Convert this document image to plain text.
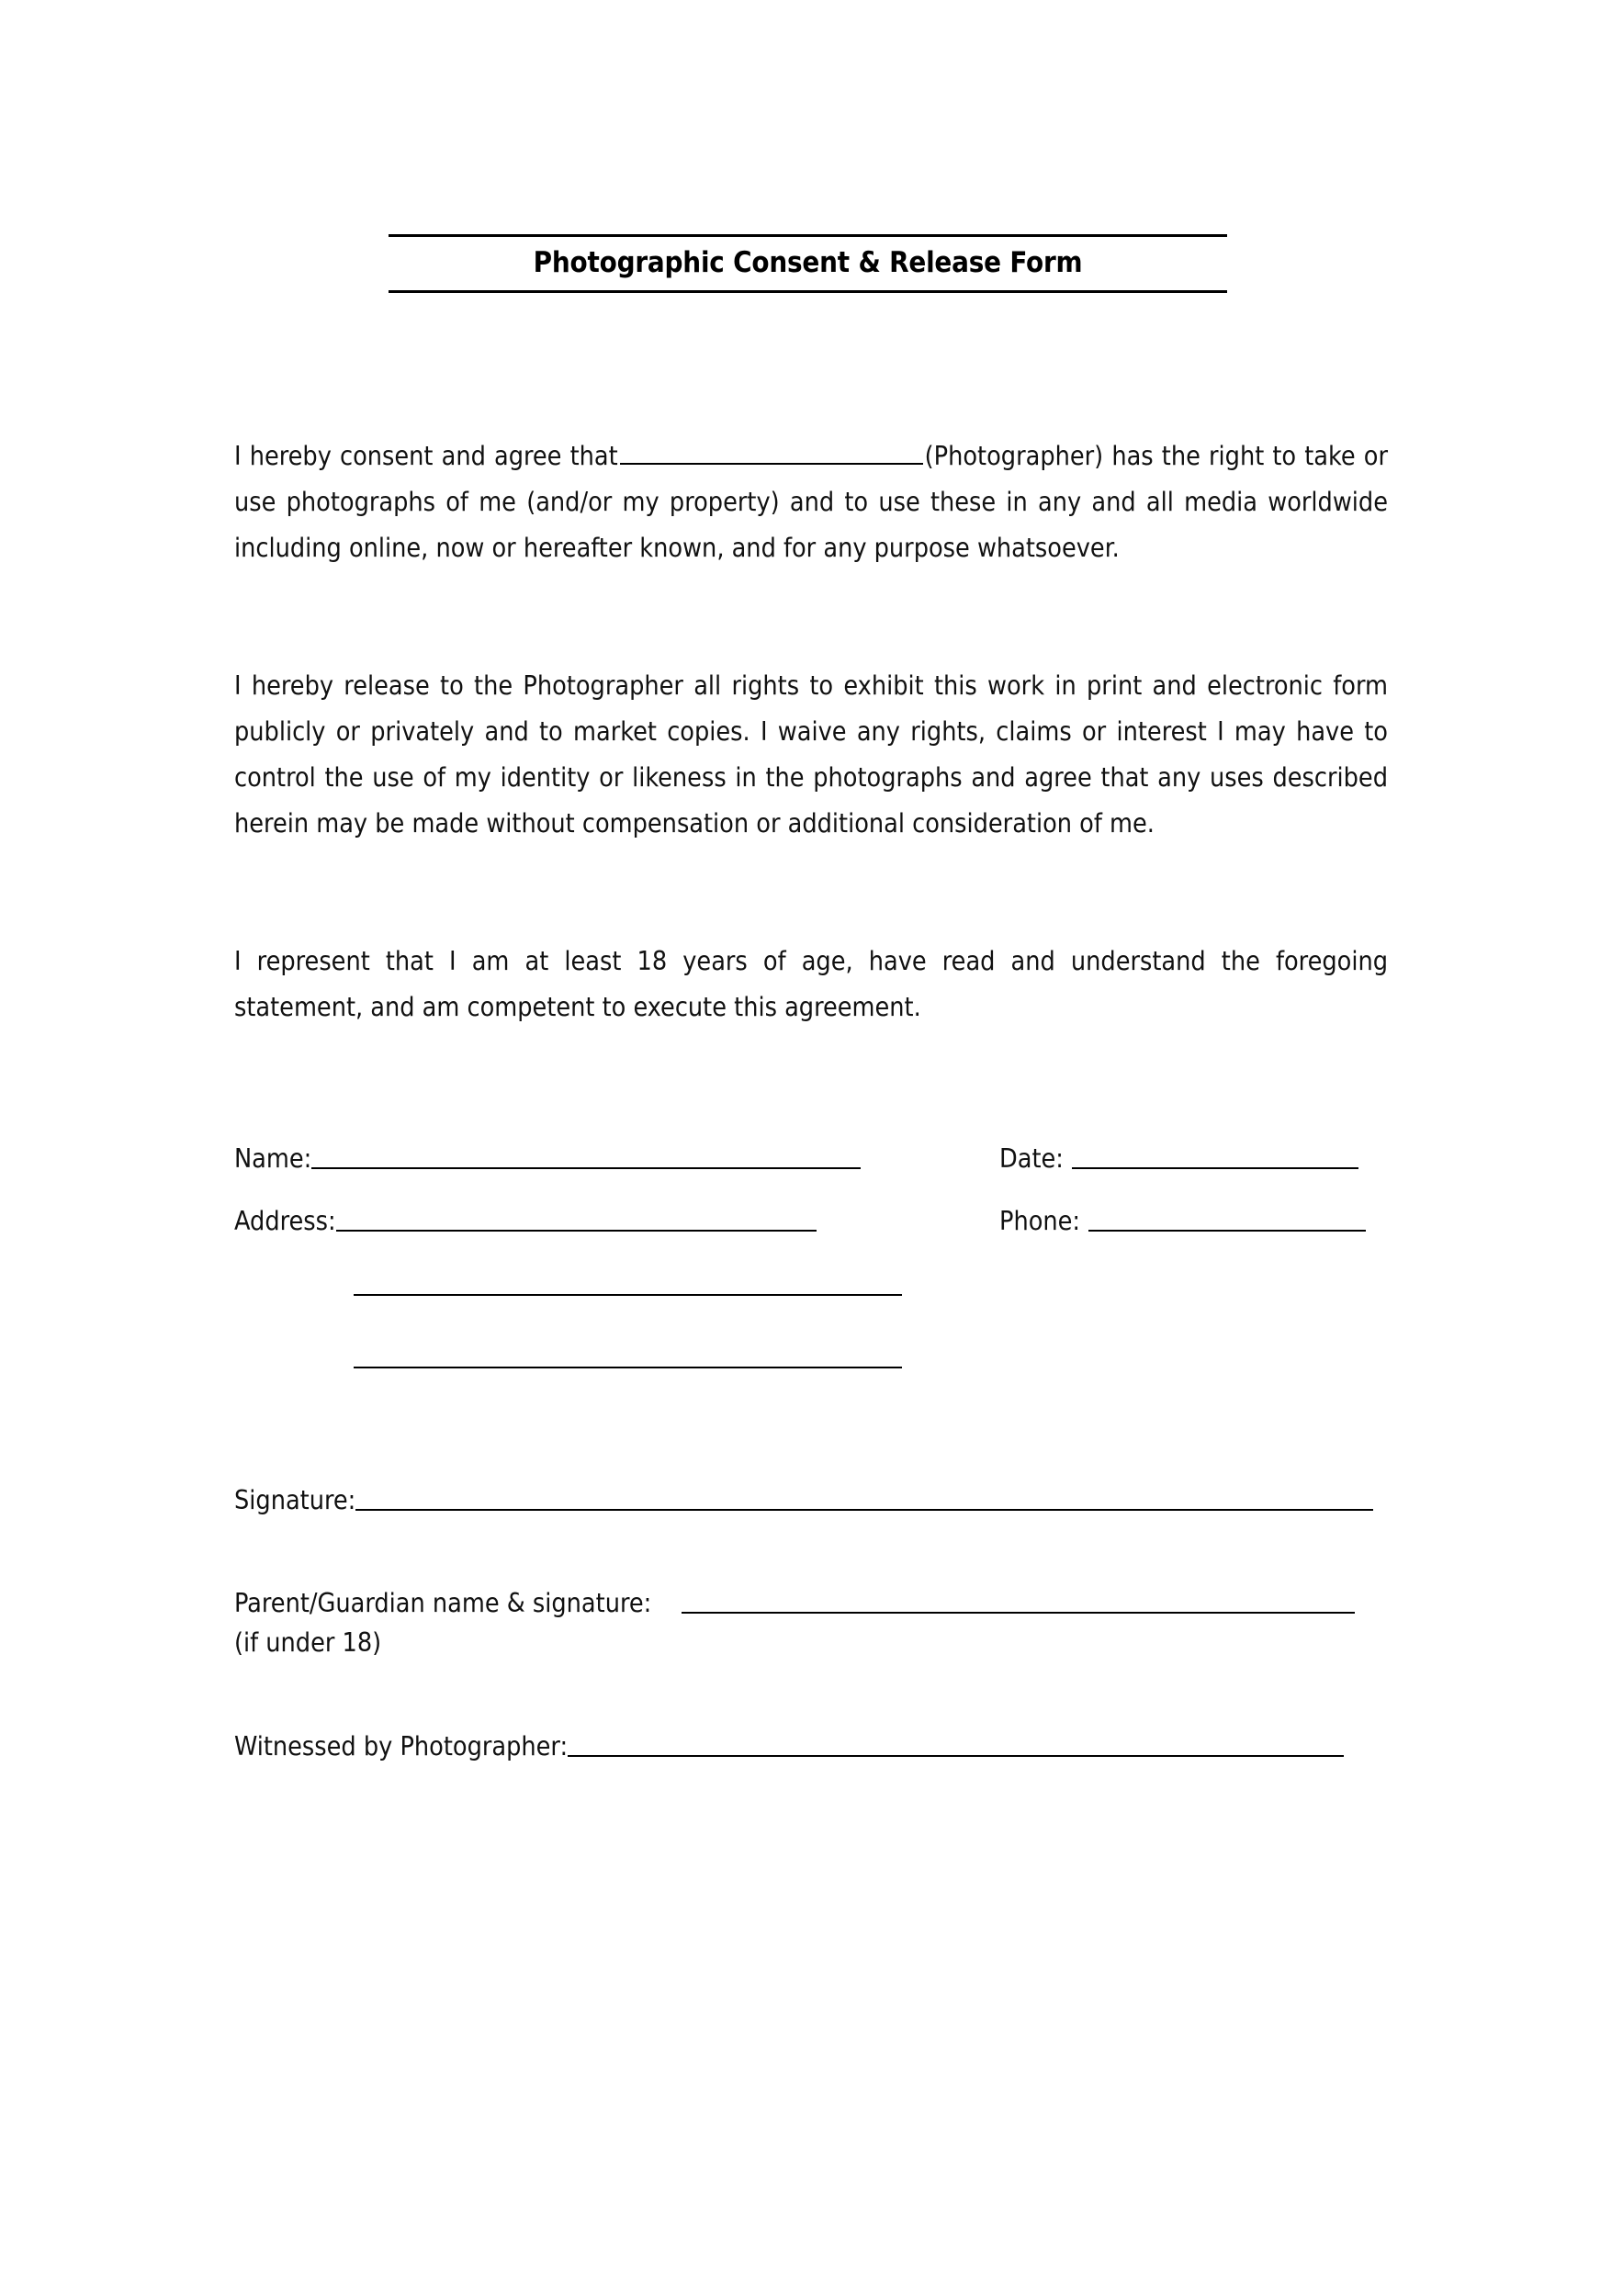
Photographic Consent & Release Form

I hereby consent and agree that	(Photographer) has the right to take or use photographs of me (and/or my property) and to use these in any and all media worldwide including online, now or hereafter known, and for any purpose whatsoever.

I hereby release to the Photographer all rights to exhibit this work in print and electronic form publicly or privately and to market copies. I waive any rights, claims or interest I may have to control the use of my identity or likeness in the photographs and agree that any uses described herein may be made without compensation or additional consideration of me.

I represent that I am at least 18 years of age, have read and understand the foregoing statement, and am competent to execute this agreement.

Name:	Date:
Address:	Phone:
Signature:
Parent/Guardian name & signature:
(if under 18)
Witnessed by Photographer:
